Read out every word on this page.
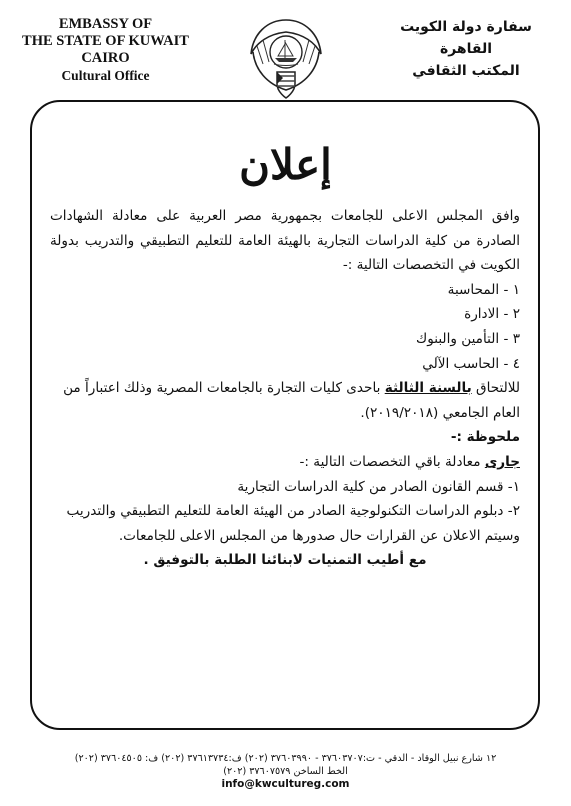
EMBASSY OF
THE STATE OF KUWAIT
CAIRO
Cultural Office
سفارة دولة الكويت
القاهرة
المكتب الثقافي
إعلان

وافق المجلس الاعلى للجامعات بجمهورية مصر العربية على معادلة الشهادات الصادرة من كلية الدراسات التجارية بالهيئة العامة للتعليم التطبيقي والتدريب بدولة الكويت في التخصصات التالية :-

١ - المحاسبة

٢ - الادارة

٣ - التأمين والبنوك

٤ - الحاسب الآلي

للالتحاق بالسنة الثالثة باحدى كليات التجارة بالجامعات المصرية وذلك اعتباراً من العام الجامعي (٢٠١٩/٢٠١٨).

ملحوظة :-

جارى معادلة باقي التخصصات التالية :-

١- قسم القانون الصادر من كلية الدراسات التجارية

٢- دبلوم الدراسات التكنولوجية الصادر من الهيئة العامة للتعليم التطبيقي والتدريب

وسيتم الاعلان عن القرارات حال صدورها من المجلس الاعلى للجامعات.

مع أطيب التمنيات لابنائنا الطلبة بالتوفيق .

١٢ شارع نبيل الوقاد - الدقي - ت:٣٧٦٠٣٧٠٧ - ٣٧٦٠٣٩٩٠ (٢٠٢) ف:٣٧٦١٣٧٣٤ (٢٠٢) ف: ٣٧٦٠٤٥٠٥ (٢٠٢)
الخط الساخن ٣٧٦٠٧٥٧٩ (٢٠٢)
info@kwcultureg.com
